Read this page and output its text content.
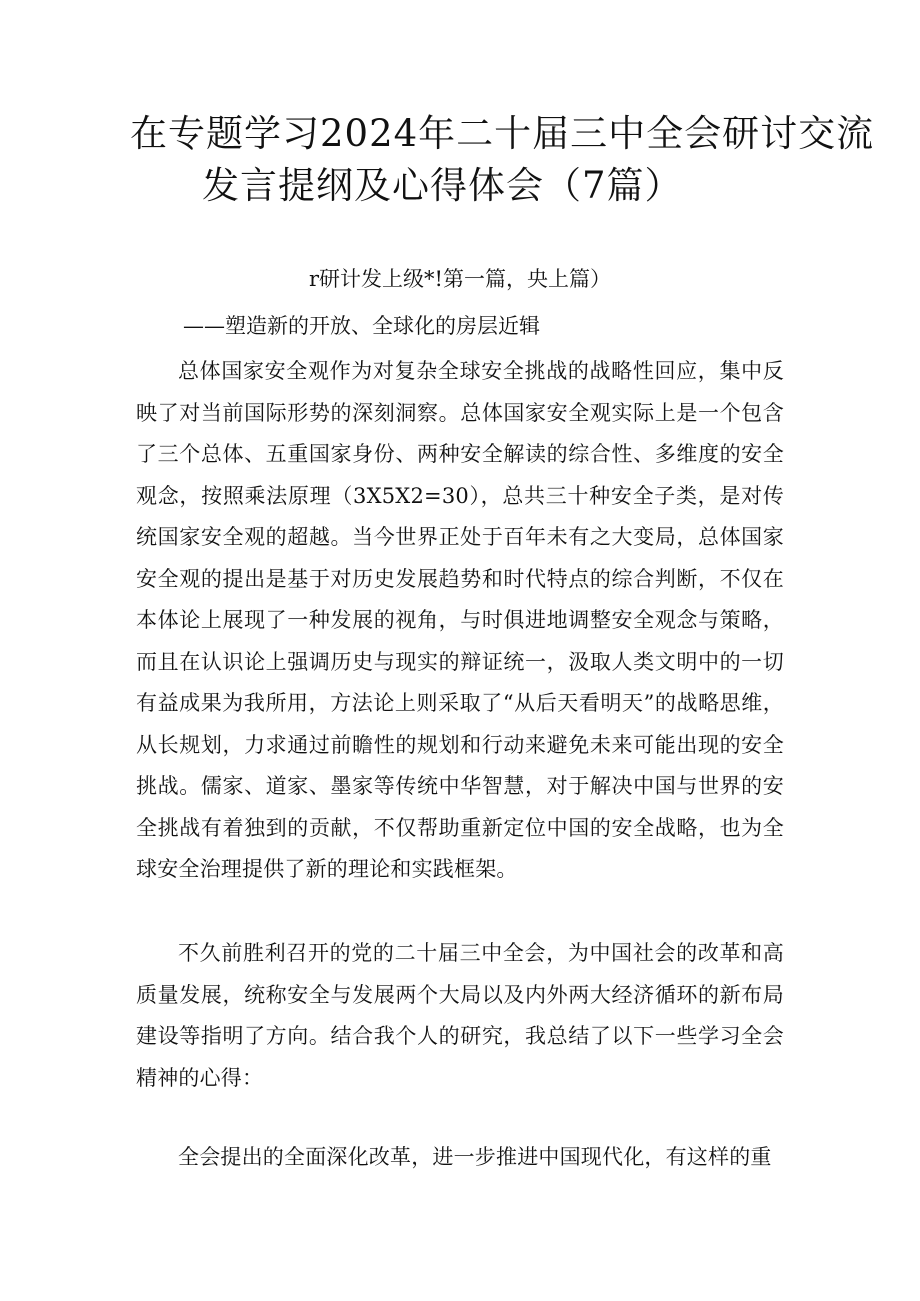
在专题学习2024年二十届三中全会研讨交流
发言提纲及心得体会（7篇）
r研计发上级*!第一篇，央上篇）
——塑造新的开放、全球化的房层近辑

总体国家安全观作为对复杂全球安全挑战的战略性回应，集中反映了对当前国际形势的深刻洞察。总体国家安全观实际上是一个包含了三个总体、五重国家身份、两种安全解读的综合性、多维度的安全观念，按照乘法原理（3X5X2=30），总共三十种安全子类，是对传统国家安全观的超越。当今世界正处于百年未有之大变局，总体国家安全观的提出是基于对历史发展趋势和时代特点的综合判断，不仅在本体论上展现了一种发展的视角，与时俱进地调整安全观念与策略，而且在认识论上强调历史与现实的辩证统一，汲取人类文明中的一切有益成果为我所用，方法论上则采取了“从后天看明天”的战略思维，从长规划，力求通过前瞻性的规划和行动来避免未来可能出现的安全挑战。儒家、道家、墨家等传统中华智慧，对于解决中国与世界的安全挑战有着独到的贡献，不仅帮助重新定位中国的安全战略，也为全球安全治理提供了新的理论和实践框架。

不久前胜利召开的党的二十届三中全会，为中国社会的改革和高质量发展，统称安全与发展两个大局以及内外两大经济循环的新布局建设等指明了方向。结合我个人的研究，我总结了以下一些学习全会精神的心得：

全会提出的全面深化改革，进一步推进中国现代化，有这样的重
